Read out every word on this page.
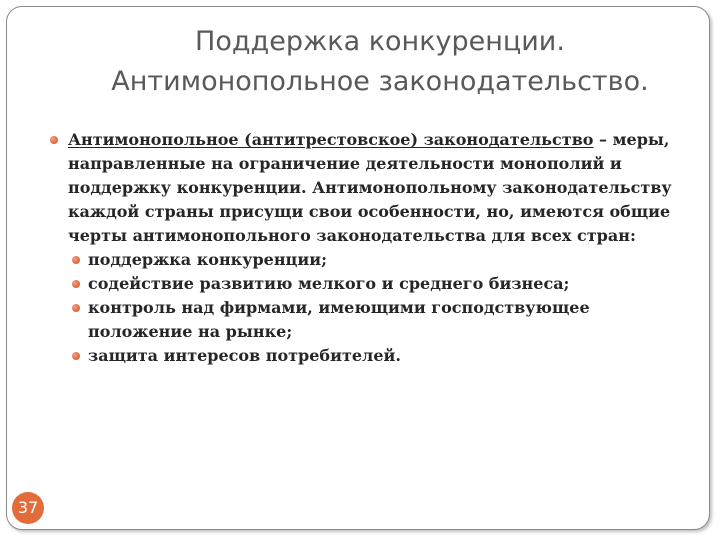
Поддержка конкуренции.
Антимонопольное законодательство.
Антимонопольное (антитрестовское) законодательство – меры, направленные на ограничение деятельности монополий и поддержку конкуренции. Антимонопольному законодательству каждой страны присущи свои особенности, но, имеются общие черты антимонопольного законодательства для всех стран:
поддержка конкуренции;
содействие развитию мелкого и среднего бизнеса;
контроль над фирмами, имеющими господствующее положение на рынке;
защита интересов потребителей.
37
